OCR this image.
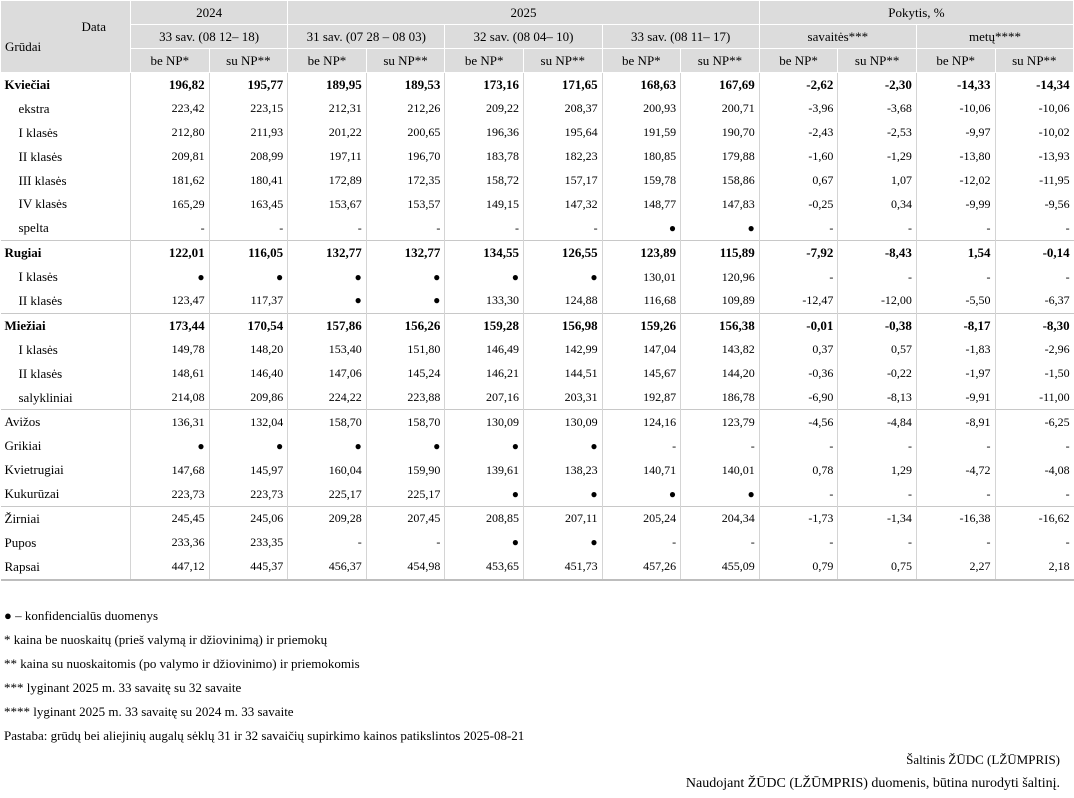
Data
Grūdai	2024		2025						Pokytis, %			
	33 sav. (08 12– 18)		31 sav. (07 28 – 08 03)		32 sav. (08 04– 10)		33 sav. (08 11– 17)		savaitės***		metų****	
	be NP*	su NP**	be NP*	su NP**	be NP*	su NP**	be NP*	su NP**	be NP*	su NP**	be NP*	su NP**
Kviečiai	196,82	195,77	189,95	189,53	173,16	171,65	168,63	167,69	-2,62	-2,30	-14,33	-14,34
ekstra	223,42	223,15	212,31	212,26	209,22	208,37	200,93	200,71	-3,96	-3,68	-10,06	-10,06
I klasės	212,80	211,93	201,22	200,65	196,36	195,64	191,59	190,70	-2,43	-2,53	-9,97	-10,02
II klasės	209,81	208,99	197,11	196,70	183,78	182,23	180,85	179,88	-1,60	-1,29	-13,80	-13,93
III klasės	181,62	180,41	172,89	172,35	158,72	157,17	159,78	158,86	0,67	1,07	-12,02	-11,95
IV klasės	165,29	163,45	153,67	153,57	149,15	147,32	148,77	147,83	-0,25	0,34	-9,99	-9,56
spelta	-	-	-	-	-	-	●	●	-	-	-	-
Rugiai	122,01	116,05	132,77	132,77	134,55	126,55	123,89	115,89	-7,92	-8,43	1,54	-0,14
I klasės	●	●	●	●	●	●	130,01	120,96	-	-	-	-
II klasės	123,47	117,37	●	●	133,30	124,88	116,68	109,89	-12,47	-12,00	-5,50	-6,37
Miežiai	173,44	170,54	157,86	156,26	159,28	156,98	159,26	156,38	-0,01	-0,38	-8,17	-8,30
I klasės	149,78	148,20	153,40	151,80	146,49	142,99	147,04	143,82	0,37	0,57	-1,83	-2,96
II klasės	148,61	146,40	147,06	145,24	146,21	144,51	145,67	144,20	-0,36	-0,22	-1,97	-1,50
salykliniai	214,08	209,86	224,22	223,88	207,16	203,31	192,87	186,78	-6,90	-8,13	-9,91	-11,00
Avižos	136,31	132,04	158,70	158,70	130,09	130,09	124,16	123,79	-4,56	-4,84	-8,91	-6,25
Grikiai	●	●	●	●	●	●	-	-	-	-	-	-
Kvietrugiai	147,68	145,97	160,04	159,90	139,61	138,23	140,71	140,01	0,78	1,29	-4,72	-4,08
Kukurūzai	223,73	223,73	225,17	225,17	●	●	●	●	-	-	-	-
Žirniai	245,45	245,06	209,28	207,45	208,85	207,11	205,24	204,34	-1,73	-1,34	-16,38	-16,62
Pupos	233,36	233,35	-	-	●	●	-	-	-	-	-	-
Rapsai	447,12	445,37	456,37	454,98	453,65	451,73	457,26	455,09	0,79	0,75	2,27	2,18
● – konfidencialūs duomenys
* kaina be nuoskaitų (prieš valymą ir džiovinimą) ir priemokų
** kaina su nuoskaitomis (po valymo ir džiovinimo) ir priemokomis
*** lyginant 2025 m. 33 savaitę su 32 savaite
**** lyginant 2025 m. 33 savaitę su 2024 m. 33 savaite
Pastaba: grūdų bei aliejinių augalų sėklų 31 ir 32 savaičių supirkimo kainos patikslintos 2025-08-21
Šaltinis ŽŪDC (LŽŪMPRIS)
Naudojant ŽŪDC (LŽŪMPRIS) duomenis, būtina nurodyti šaltinį.
